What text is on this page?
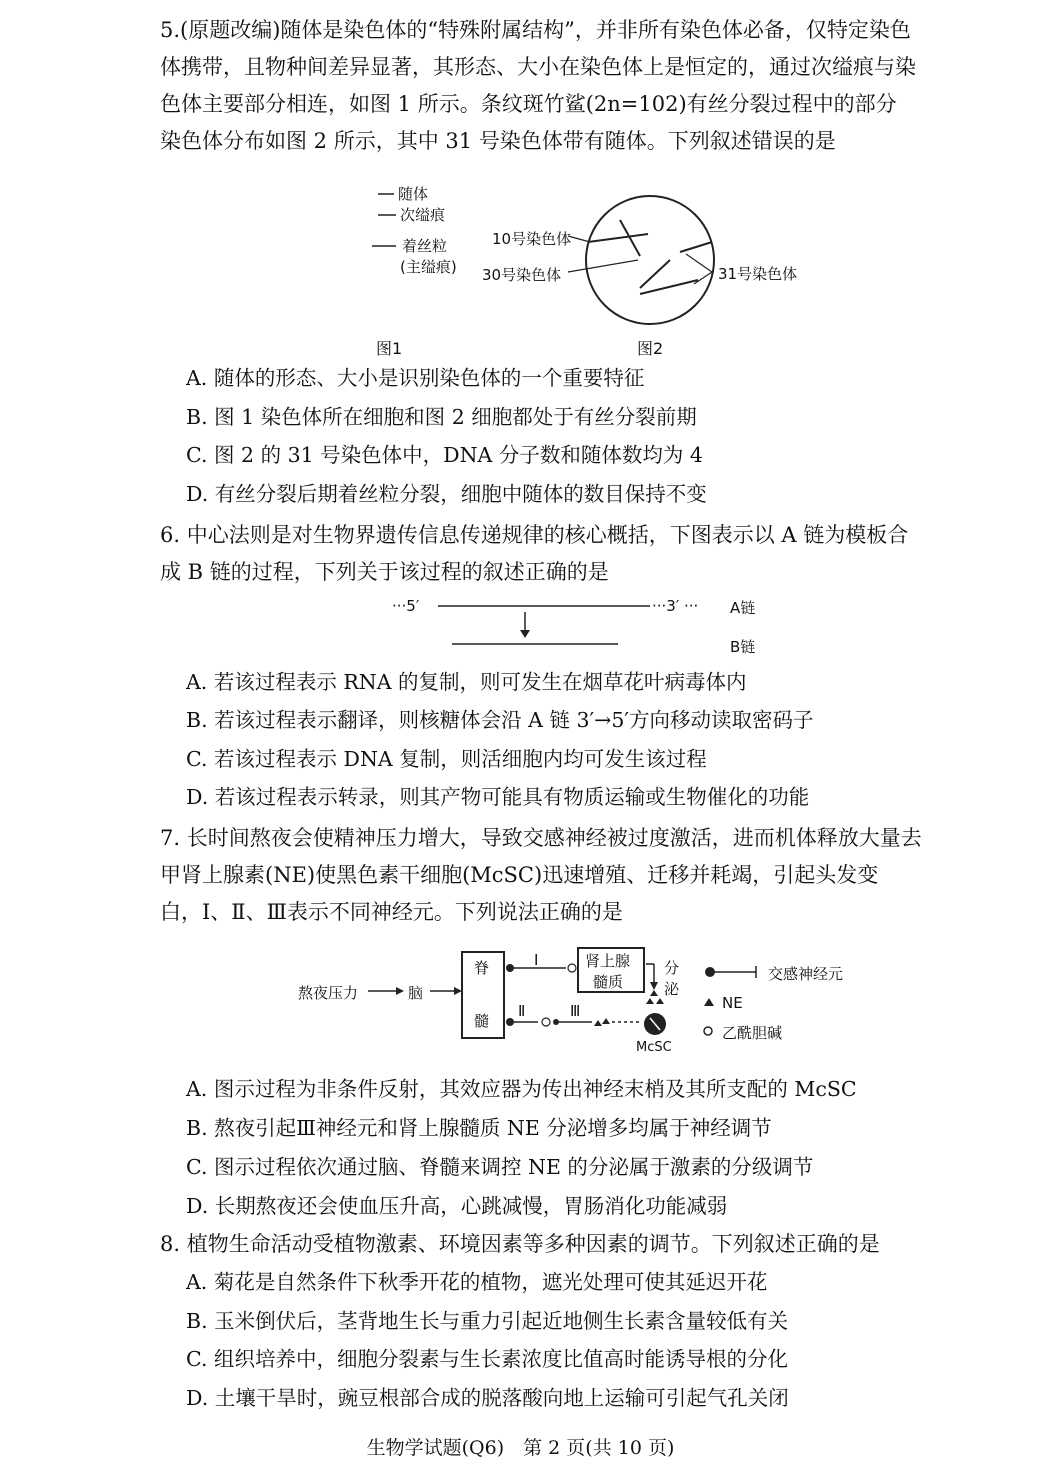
5.(原题改编)随体是染色体的“特殊附属结构”，并非所有染色体必备，仅特定染色
体携带，且物种间差异显著，其形态、大小在染色体上是恒定的，通过次缢痕与染
色体主要部分相连，如图 1 所示。条纹斑竹鲨(2n=102)有丝分裂过程中的部分
染色体分布如图 2 所示，其中 31 号染色体带有随体。下列叙述错误的是
随体
次缢痕
着丝粒
(主缢痕)
图1
10号染色体
30号染色体	31号染色体
图2
A. 随体的形态、大小是识别染色体的一个重要特征
B. 图 1 染色体所在细胞和图 2 细胞都处于有丝分裂前期
C. 图 2 的 31 号染色体中，DNA 分子数和随体数均为 4
D. 有丝分裂后期着丝粒分裂，细胞中随体的数目保持不变
6. 中心法则是对生物界遗传信息传递规律的核心概括，下图表示以 A 链为模板合
成 B 链的过程，下列关于该过程的叙述正确的是
···5′	···3′ ··· A链
B链
A. 若该过程表示 RNA 的复制，则可发生在烟草花叶病毒体内
B. 若该过程表示翻译，则核糖体会沿 A 链 3′→5′方向移动读取密码子
C. 若该过程表示 DNA 复制，则活细胞内均可发生该过程
D. 若该过程表示转录，则其产物可能具有物质运输或生物催化的功能
7. 长时间熬夜会使精神压力增大，导致交感神经被过度激活，进而机体释放大量去
甲肾上腺素(NE)使黑色素干细胞(McSC)迅速增殖、迁移并耗竭，引起头发变
白，Ⅰ、Ⅱ、Ⅲ表示不同神经元。下列说法正确的是
熬夜压力	脑
脊
髓
Ⅰ
Ⅱ	Ⅲ
肾上腺
髓质
分
泌
McSC
交感神经元
NE
乙酰胆碱
A. 图示过程为非条件反射，其效应器为传出神经末梢及其所支配的 McSC
B. 熬夜引起Ⅲ神经元和肾上腺髓质 NE 分泌增多均属于神经调节
C. 图示过程依次通过脑、脊髓来调控 NE 的分泌属于激素的分级调节
D. 长期熬夜还会使血压升高，心跳减慢，胃肠消化功能减弱
8. 植物生命活动受植物激素、环境因素等多种因素的调节。下列叙述正确的是
A. 菊花是自然条件下秋季开花的植物，遮光处理可使其延迟开花
B. 玉米倒伏后，茎背地生长与重力引起近地侧生长素含量较低有关
C. 组织培养中，细胞分裂素与生长素浓度比值高时能诱导根的分化
D. 土壤干旱时，豌豆根部合成的脱落酸向地上运输可引起气孔关闭
生物学试题(Q6)　第 2 页(共 10 页)
